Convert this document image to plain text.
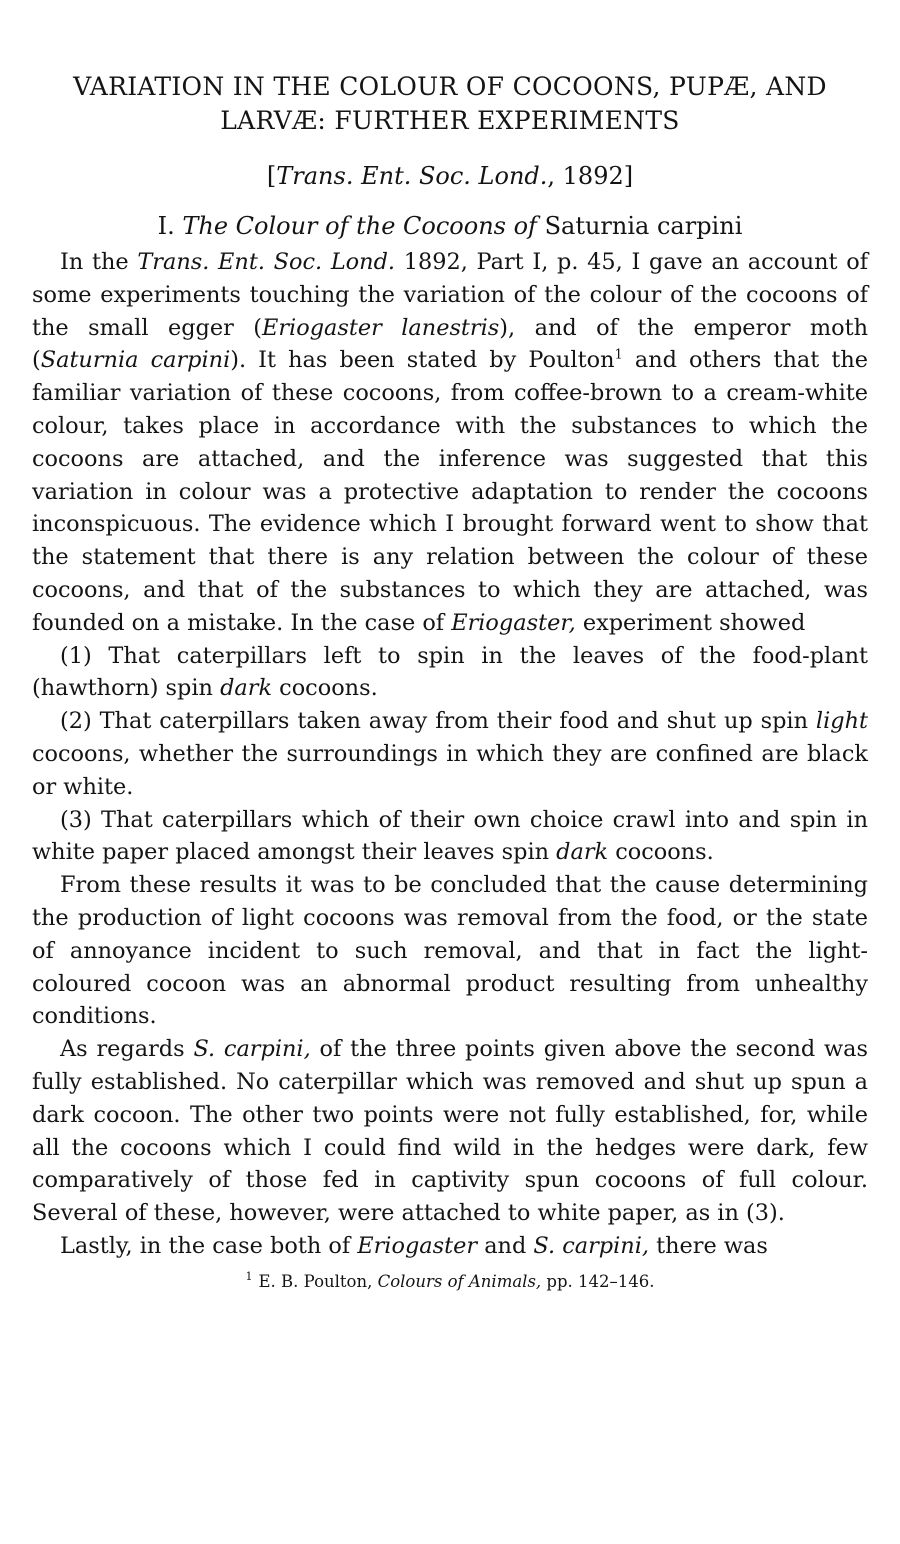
VARIATION IN THE COLOUR OF COCOONS, PUPÆ, AND
LARVÆ: FURTHER EXPERIMENTS
[Trans. Ent. Soc. Lond., 1892]
I. The Colour of the Cocoons of Saturnia carpini

In the Trans. Ent. Soc. Lond. 1892, Part I, p. 45, I gave an account of some experiments touching the variation of the colour of the cocoons of the small egger (Eriogaster lanestris), and of the emperor moth (Saturnia carpini). It has been stated by Poulton$^1$ and others that the familiar variation of these cocoons, from coffee-brown to a cream-white colour, takes place in accordance with the substances to which the cocoons are attached, and the inference was suggested that this variation in colour was a protective adaptation to render the cocoons inconspicuous. The evidence which I brought forward went to show that the statement that there is any relation between the colour of these cocoons, and that of the substances to which they are attached, was founded on a mistake. In the case of Eriogaster, experiment showed

(1) That caterpillars left to spin in the leaves of the food-plant (hawthorn) spin dark cocoons.

(2) That caterpillars taken away from their food and shut up spin light cocoons, whether the surroundings in which they are confined are black or white.

(3) That caterpillars which of their own choice crawl into and spin in white paper placed amongst their leaves spin dark cocoons.

From these results it was to be concluded that the cause determining the production of light cocoons was removal from the food, or the state of annoyance incident to such removal, and that in fact the light-coloured cocoon was an abnormal product resulting from unhealthy conditions.

As regards S. carpini, of the three points given above the second was fully established. No caterpillar which was removed and shut up spun a dark cocoon. The other two points were not fully established, for, while all the cocoons which I could find wild in the hedges were dark, few comparatively of those fed in captivity spun cocoons of full colour. Several of these, however, were attached to white paper, as in (3).

Lastly, in the case both of Eriogaster and S. carpini, there was

$^1$ E. B. Poulton, Colours of Animals, pp. 142–146.
